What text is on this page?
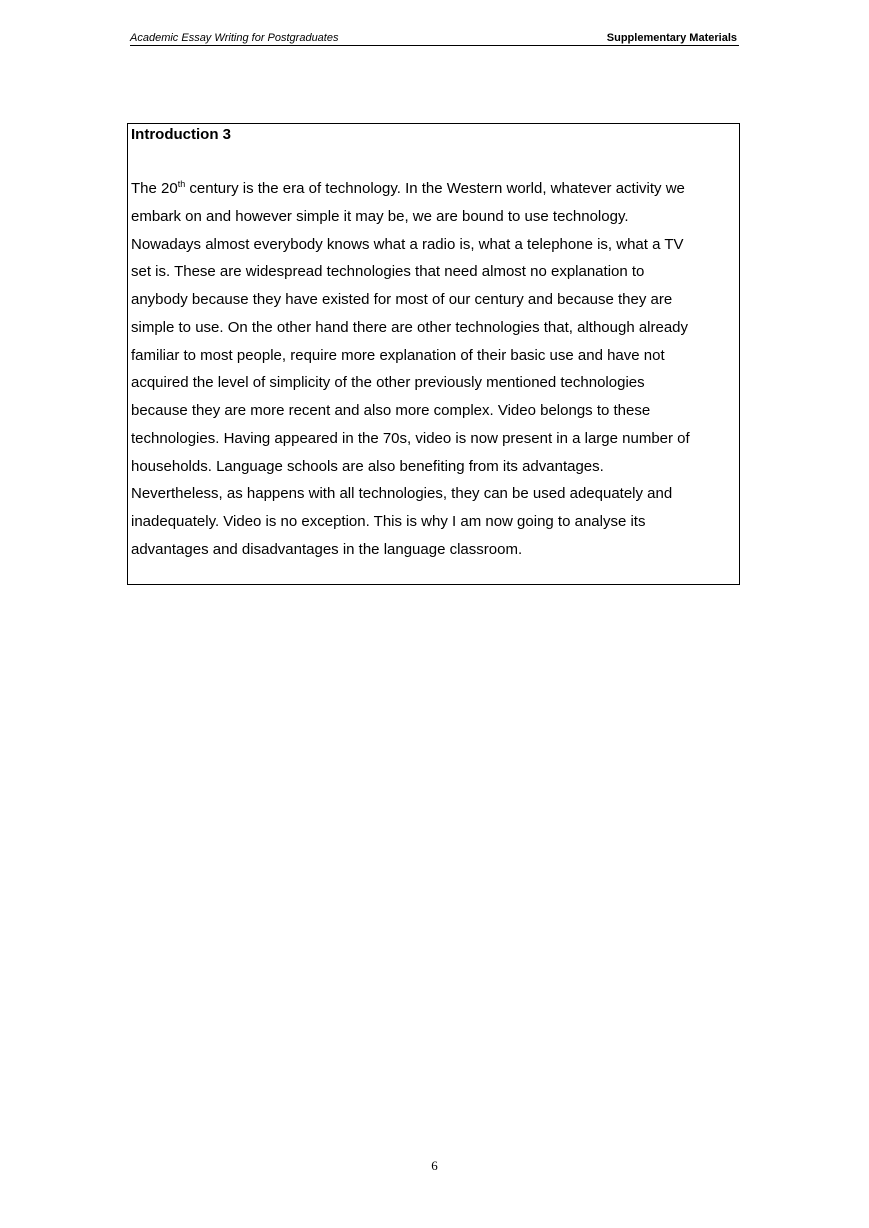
Academic Essay Writing for Postgraduates	Supplementary Materials

Introduction 3

The 20th century is the era of technology. In the Western world, whatever activity we
embark on and however simple it may be, we are bound to use technology.
Nowadays almost everybody knows what a radio is, what a telephone is, what a TV
set is. These are widespread technologies that need almost no explanation to
anybody because they have existed for most of our century and because they are
simple to use. On the other hand there are other technologies that, although already
familiar to most people, require more explanation of their basic use and have not
acquired the level of simplicity of the other previously mentioned technologies
because they are more recent and also more complex. Video belongs to these
technologies. Having appeared in the 70s, video is now present in a large number of
households. Language schools are also benefiting from its advantages.
Nevertheless, as happens with all technologies, they can be used adequately and
inadequately. Video is no exception. This is why I am now going to analyse its
advantages and disadvantages in the language classroom.

6
